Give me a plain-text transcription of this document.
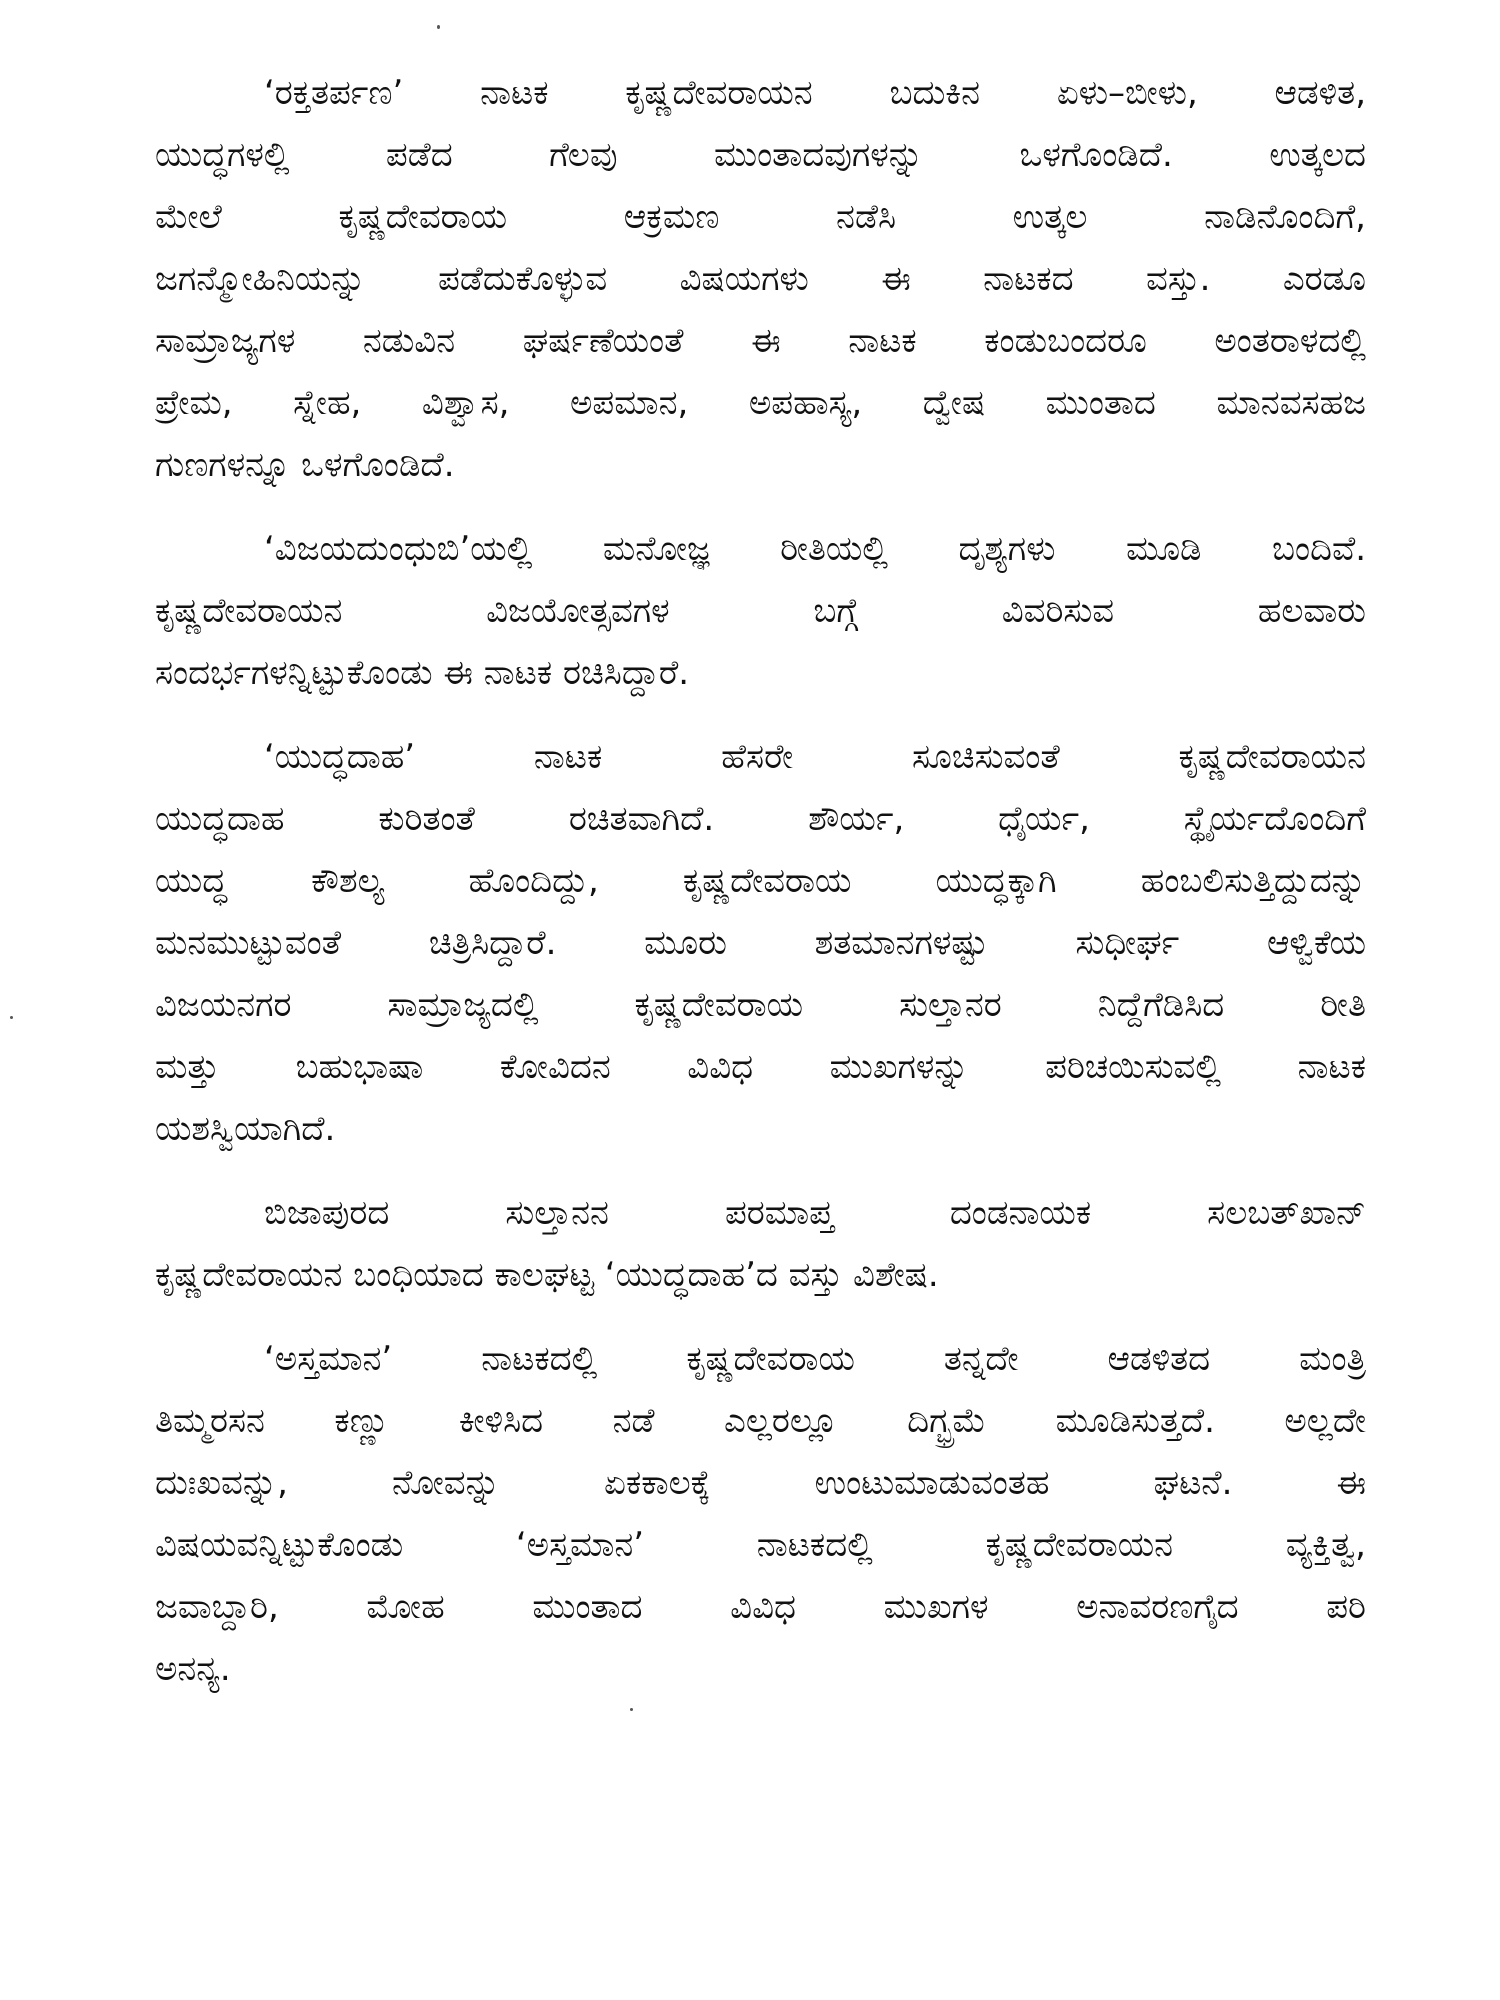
‘ರಕ್ತತರ್ಪಣ’ ನಾಟಕ ಕೃಷ್ಣದೇವರಾಯನ ಬದುಕಿನ ಏಳು–ಬೀಳು, ಆಡಳಿತ,
ಯುದ್ಧಗಳಲ್ಲಿ ಪಡೆದ ಗೆಲವು ಮುಂತಾದವುಗಳನ್ನು ಒಳಗೊಂಡಿದೆ. ಉತ್ಕಲದ
ಮೇಲೆ ಕೃಷ್ಣದೇವರಾಯ ಆಕ್ರಮಣ ನಡೆಸಿ ಉತ್ಕಲ ನಾಡಿನೊಂದಿಗೆ,
ಜಗನ್ಮೋಹಿನಿಯನ್ನು ಪಡೆದುಕೊಳ್ಳುವ ವಿಷಯಗಳು ಈ ನಾಟಕದ ವಸ್ತು. ಎರಡೂ
ಸಾಮ್ರಾಜ್ಯಗಳ ನಡುವಿನ ಘರ್ಷಣೆಯಂತೆ ಈ ನಾಟಕ ಕಂಡುಬಂದರೂ ಅಂತರಾಳದಲ್ಲಿ
ಪ್ರೇಮ, ಸ್ನೇಹ, ವಿಶ್ವಾಸ, ಅಪಮಾನ, ಅಪಹಾಸ್ಯ, ದ್ವೇಷ ಮುಂತಾದ ಮಾನವಸಹಜ
ಗುಣಗಳನ್ನೂ ಒಳಗೊಂಡಿದೆ.
‘ವಿಜಯದುಂಧುಬಿ’ಯಲ್ಲಿ ಮನೋಜ್ಞ ರೀತಿಯಲ್ಲಿ ದೃಶ್ಯಗಳು ಮೂಡಿ ಬಂದಿವೆ.
ಕೃಷ್ಣದೇವರಾಯನ ವಿಜಯೋತ್ಸವಗಳ ಬಗ್ಗೆ ವಿವರಿಸುವ ಹಲವಾರು
ಸಂದರ್ಭಗಳನ್ನಿಟ್ಟುಕೊಂಡು ಈ ನಾಟಕ ರಚಿಸಿದ್ದಾರೆ.
‘ಯುದ್ಧದಾಹ’ ನಾಟಕ ಹೆಸರೇ ಸೂಚಿಸುವಂತೆ ಕೃಷ್ಣದೇವರಾಯನ
ಯುದ್ಧದಾಹ ಕುರಿತಂತೆ ರಚಿತವಾಗಿದೆ. ಶೌರ್ಯ, ಧೈರ್ಯ, ಸ್ಥೈರ್ಯದೊಂದಿಗೆ
ಯುದ್ಧ ಕೌಶಲ್ಯ ಹೊಂದಿದ್ದು, ಕೃಷ್ಣದೇವರಾಯ ಯುದ್ಧಕ್ಕಾಗಿ ಹಂಬಲಿಸುತ್ತಿದ್ದುದನ್ನು
ಮನಮುಟ್ಟುವಂತೆ ಚಿತ್ರಿಸಿದ್ದಾರೆ. ಮೂರು ಶತಮಾನಗಳಷ್ಟು ಸುಧೀರ್ಘ ಆಳ್ವಿಕೆಯ
ವಿಜಯನಗರ ಸಾಮ್ರಾಜ್ಯದಲ್ಲಿ ಕೃಷ್ಣದೇವರಾಯ ಸುಲ್ತಾನರ ನಿದ್ದೆಗೆಡಿಸಿದ ರೀತಿ
ಮತ್ತು ಬಹುಭಾಷಾ ಕೋವಿದನ ವಿವಿಧ ಮುಖಗಳನ್ನು ಪರಿಚಯಿಸುವಲ್ಲಿ ನಾಟಕ
ಯಶಸ್ವಿಯಾಗಿದೆ.
ಬಿಜಾಪುರದ ಸುಲ್ತಾನನ ಪರಮಾಪ್ತ ದಂಡನಾಯಕ ಸಲಬತ್‌ಖಾನ್
ಕೃಷ್ಣದೇವರಾಯನ ಬಂಧಿಯಾದ ಕಾಲಘಟ್ಟ ‘ಯುದ್ಧದಾಹ’ದ ವಸ್ತು ವಿಶೇಷ.
‘ಅಸ್ತಮಾನ’ ನಾಟಕದಲ್ಲಿ ಕೃಷ್ಣದೇವರಾಯ ತನ್ನದೇ ಆಡಳಿತದ ಮಂತ್ರಿ
ತಿಮ್ಮರಸನ ಕಣ್ಣು ಕೀಳಿಸಿದ ನಡೆ ಎಲ್ಲರಲ್ಲೂ ದಿಗ್ಭ್ರಮೆ ಮೂಡಿಸುತ್ತದೆ. ಅಲ್ಲದೇ
ದುಃಖವನ್ನು, ನೋವನ್ನು ಏಕಕಾಲಕ್ಕೆ ಉಂಟುಮಾಡುವಂತಹ ಘಟನೆ. ಈ
ವಿಷಯವನ್ನಿಟ್ಟುಕೊಂಡು ‘ಅಸ್ತಮಾನ’ ನಾಟಕದಲ್ಲಿ ಕೃಷ್ಣದೇವರಾಯನ ವ್ಯಕ್ತಿತ್ವ,
ಜವಾಬ್ದಾರಿ, ಮೋಹ ಮುಂತಾದ ವಿವಿಧ ಮುಖಗಳ ಅನಾವರಣಗೈದ ಪರಿ
ಅನನ್ಯ.
